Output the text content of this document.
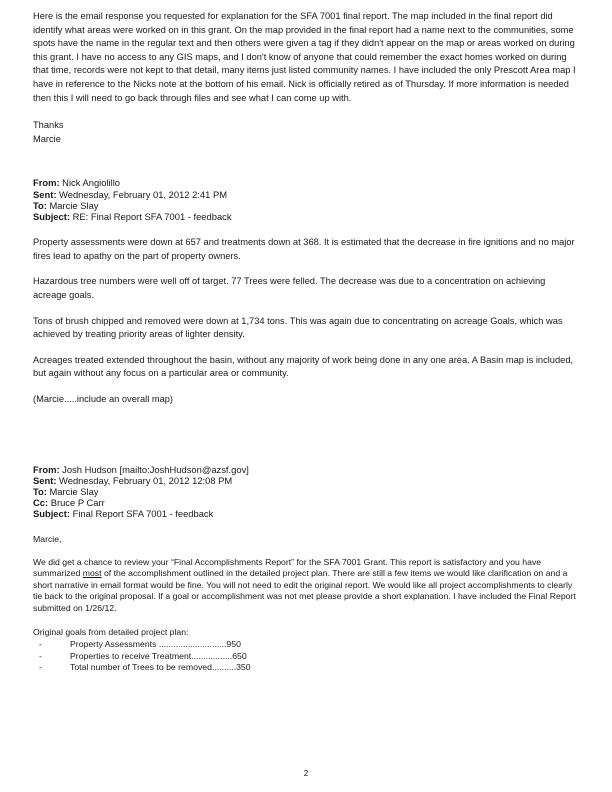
Here is the email response you requested for explanation for the SFA 7001 final report. The map included in the final report did identify what areas were worked on in this grant. On the map provided in the final report had a name next to the communities, some spots have the name in the regular text and then others were given a tag if they didn't appear on the map or areas worked on during this grant. I have no access to any GIS maps, and I don't know of anyone that could remember the exact homes worked on during that time, records were not kept to that detail, many items just listed community names. I have included the only Prescott Area map I have in reference to the Nicks note at the bottom of his email. Nick is officially retired as of Thursday. If more information is needed then this I will need to go back through files and see what I can come up with.

Thanks
Marcie

From: Nick Angiolillo

Sent: Wednesday, February 01, 2012 2:41 PM

To: Marcie Slay

Subject: RE: Final Report SFA 7001 - feedback

Property assessments were down at 657 and treatments down at 368. It is estimated that the decrease in fire ignitions and no major fires lead to apathy on the part of property owners.

Hazardous tree numbers were well off of target. 77 Trees were felled. The decrease was due to a concentration on achieving acreage goals.

Tons of brush chipped and removed were down at 1,734 tons. This was again due to concentrating on acreage Goals, which was achieved by treating priority areas of lighter density.

Acreages treated extended throughout the basin, without any majority of work being done in any one area. A Basin map is included, but again without any focus on a particular area or community.

(Marcie.....include an overall map)

From: Josh Hudson [mailto:JoshHudson@azsf.gov]

Sent: Wednesday, February 01, 2012 12:08 PM

To: Marcie Slay

Cc: Bruce P Carr

Subject: Final Report SFA 7001 - feedback

Marcie,

We did get a chance to review your “Final Accomplishments Report” for the SFA 7001 Grant. This report is satisfactory and you have summarized most of the accomplishment outlined in the detailed project plan. There are still a few items we would like clarification on and a short narrative in email format would be fine. You will not need to edit the original report. We would like all project accomplishments to clearly tie back to the original proposal. If a goal or accomplishment was not met please provide a short explanation. I have included the Final Report submitted on 1/26/12.

Original goals from detailed project plan:

- Property Assessments ............................950
- Properties to receive Treatment.................650
- Total number of Trees to be removed..........350
2
